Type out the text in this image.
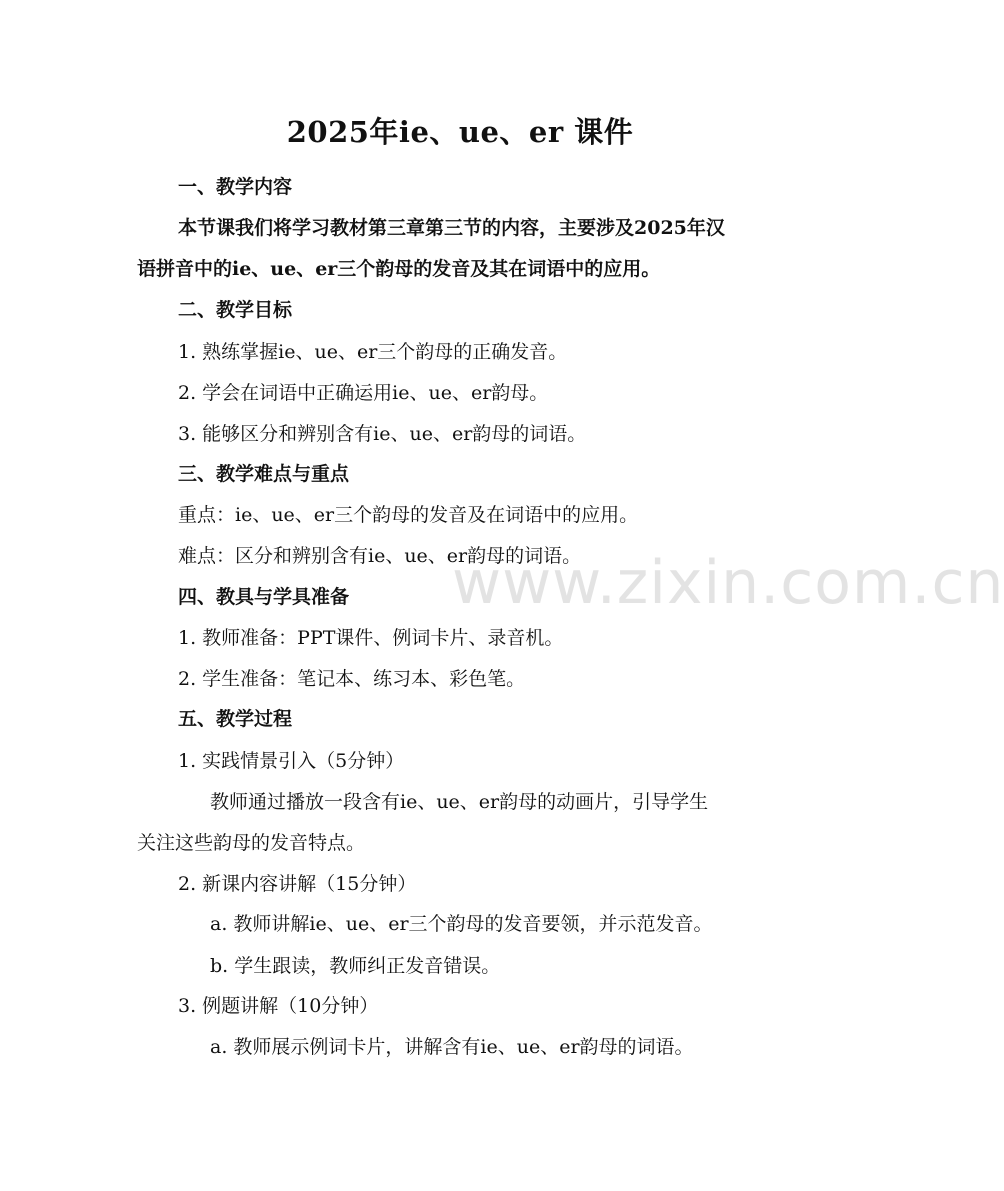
www.zixin.com.cn
2025年ie、ue、er 课件
一、教学内容
本节课我们将学习教材第三章第三节的内容，主要涉及2025年汉
语拼音中的ie、ue、er三个韵母的发音及其在词语中的应用。
二、教学目标
1. 熟练掌握ie、ue、er三个韵母的正确发音。
2. 学会在词语中正确运用ie、ue、er韵母。
3. 能够区分和辨别含有ie、ue、er韵母的词语。
三、教学难点与重点
重点：ie、ue、er三个韵母的发音及在词语中的应用。
难点：区分和辨别含有ie、ue、er韵母的词语。
四、教具与学具准备
1. 教师准备：PPT课件、例词卡片、录音机。
2. 学生准备：笔记本、练习本、彩色笔。
五、教学过程
1. 实践情景引入（5分钟）
教师通过播放一段含有ie、ue、er韵母的动画片，引导学生
关注这些韵母的发音特点。
2. 新课内容讲解（15分钟）
a. 教师讲解ie、ue、er三个韵母的发音要领，并示范发音。
b. 学生跟读，教师纠正发音错误。
3. 例题讲解（10分钟）
a. 教师展示例词卡片，讲解含有ie、ue、er韵母的词语。
